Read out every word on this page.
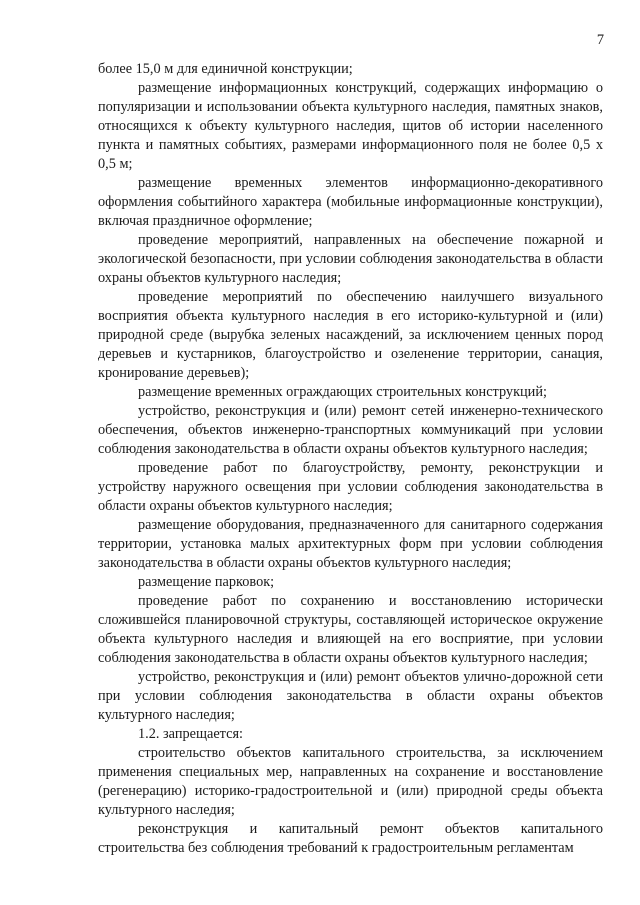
7

более 15,0 м для единичной конструкции;

размещение информационных конструкций, содержащих информацию о популяризации и использовании объекта культурного наследия, памятных знаков, относящихся к объекту культурного наследия, щитов об истории населенного пункта и памятных событиях, размерами информационного поля не более 0,5 х 0,5 м;

размещение временных элементов информационно-декоративного оформления событийного характера (мобильные информационные конструкции), включая праздничное оформление;

проведение мероприятий, направленных на обеспечение пожарной и экологической безопасности, при условии соблюдения законодательства в области охраны объектов культурного наследия;

проведение мероприятий по обеспечению наилучшего визуального восприятия объекта культурного наследия в его историко-культурной и (или) природной среде (вырубка зеленых насаждений, за исключением ценных пород деревьев и кустарников, благоустройство и озеленение территории, санация, кронирование деревьев);

размещение временных ограждающих строительных конструкций;

устройство, реконструкция и (или) ремонт сетей инженерно-технического обеспечения, объектов инженерно-транспортных коммуникаций при условии соблюдения законодательства в области охраны объектов культурного наследия;

проведение работ по благоустройству, ремонту, реконструкции и устройству наружного освещения при условии соблюдения законодательства в области охраны объектов культурного наследия;

размещение оборудования, предназначенного для санитарного содержания территории, установка малых архитектурных форм при условии соблюдения законодательства в области охраны объектов культурного наследия;

размещение парковок;

проведение работ по сохранению и восстановлению исторически сложившейся планировочной структуры, составляющей историческое окружение объекта культурного наследия и влияющей на его восприятие, при условии соблюдения законодательства в области охраны объектов культурного наследия;

устройство, реконструкция и (или) ремонт объектов улично-дорожной сети при условии соблюдения законодательства в области охраны объектов культурного наследия;

1.2. запрещается:

строительство объектов капитального строительства, за исключением применения специальных мер, направленных на сохранение и восстановление (регенерацию) историко-градостроительной и (или) природной среды объекта культурного наследия;

реконструкция и капитальный ремонт объектов капитального строительства без соблюдения требований к градостроительным регламентам
